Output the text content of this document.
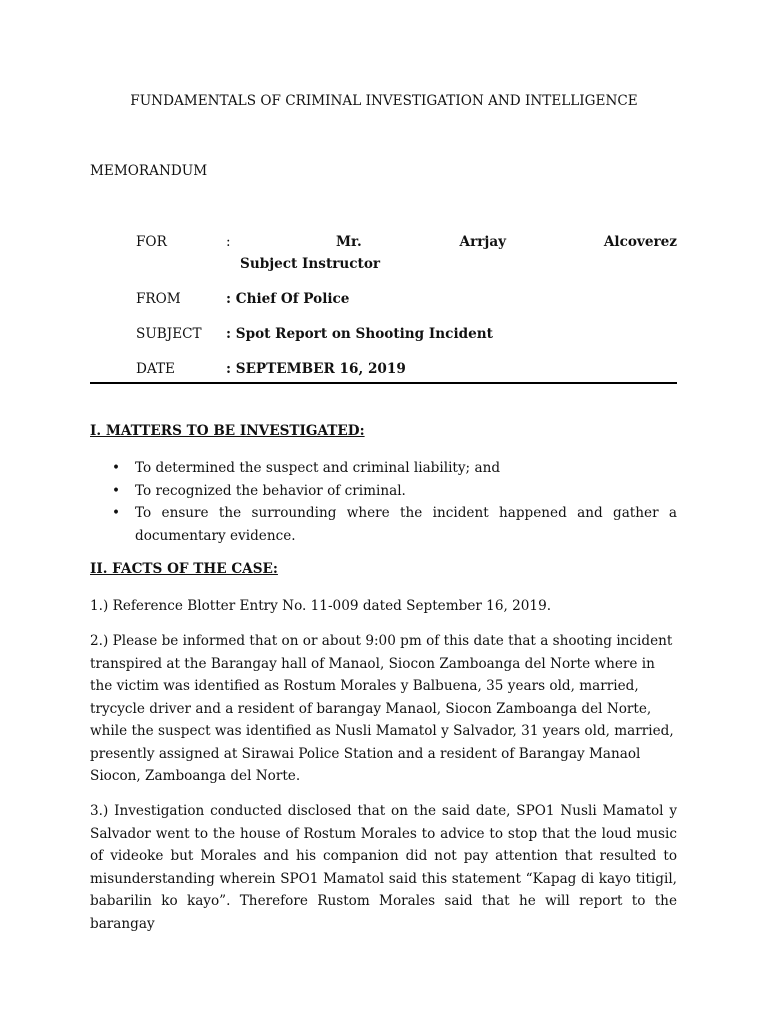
FUNDAMENTALS OF CRIMINAL INVESTIGATION AND INTELLIGENCE
MEMORANDUM
FOR	:	Mr.	Arrjay	Alcoverez
Subject Instructor
FROM	: Chief Of Police
SUBJECT : Spot Report on Shooting Incident
DATE	: SEPTEMBER 16, 2019
I. MATTERS TO BE INVESTIGATED:
• To determined the suspect and criminal liability; and
• To recognized the behavior of criminal.
• To ensure the surrounding where the incident happened and gather a documentary evidence.
II. FACTS OF THE CASE:

1.) Reference Blotter Entry No. 11-009 dated September 16, 2019.

2.) Please be informed that on or about 9:00 pm of this date that a shooting incident transpired at the Barangay hall of Manaol, Siocon Zamboanga del Norte where in the victim was identified as Rostum Morales y Balbuena, 35 years old, married, trycycle driver and a resident of barangay Manaol, Siocon Zamboanga del Norte, while the suspect was identified as Nusli Mamatol y Salvador, 31 years old, married, presently assigned at Sirawai Police Station and a resident of Barangay Manaol Siocon, Zamboanga del Norte.

3.) Investigation conducted disclosed that on the said date, SPO1 Nusli Mamatol y Salvador went to the house of Rostum Morales to advice to stop that the loud music of videoke but Morales and his companion did not pay attention that resulted to misunderstanding wherein SPO1 Mamatol said this statement “Kapag di kayo titigil, babarilin ko kayo”. Therefore Rustom Morales said that he will report to the barangay
